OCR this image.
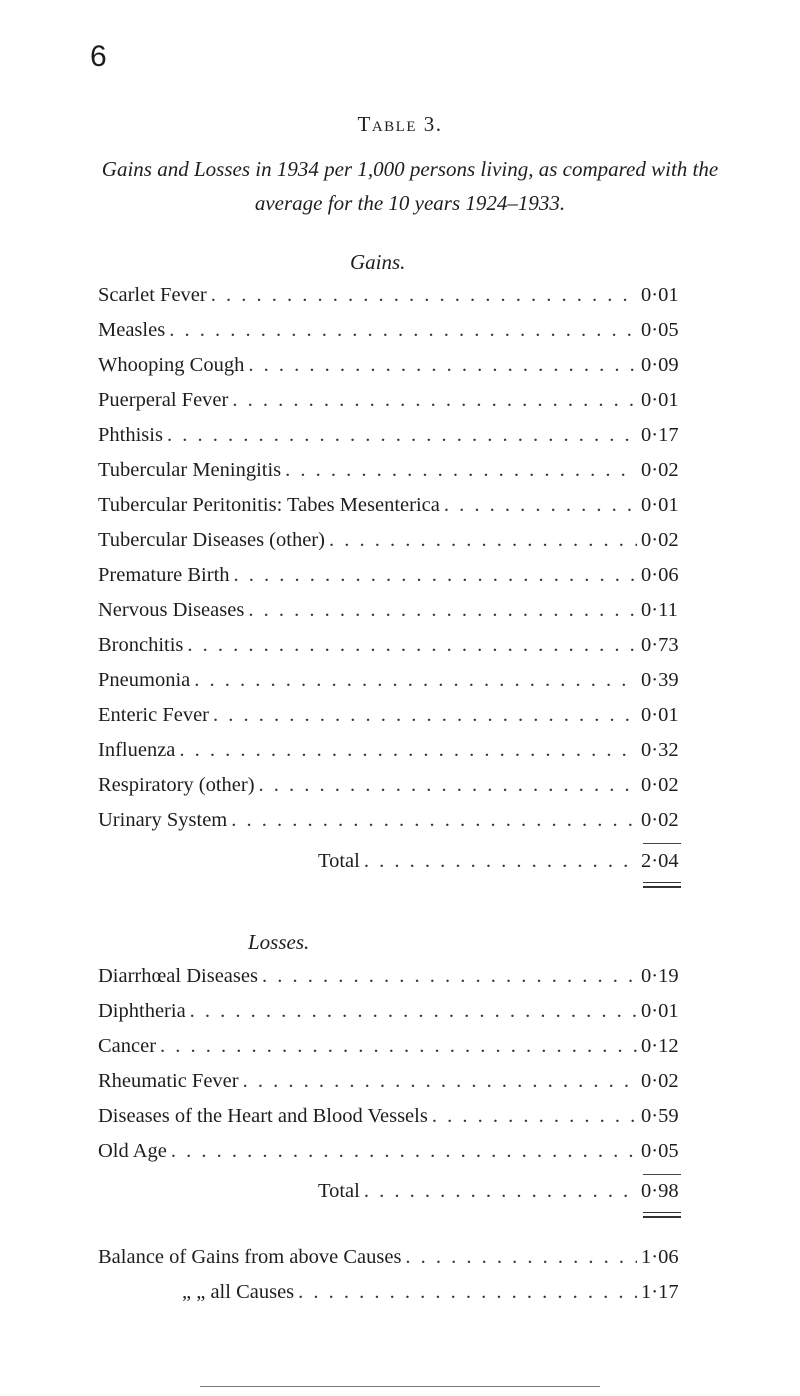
6
Table 3.
Gains and Losses in 1934 per 1,000 persons living, as compared with the
average for the 10 years 1924–1933.
Gains.
Scarlet Fever . . .	0·01
Measles . . .	0·05
Whooping Cough . . .	0·09
Puerperal Fever . . .	0·01
Phthisis . . .	0·17
Tubercular Meningitis . . .	0·02
Tubercular Peritonitis: Tabes Mesenterica . . .	0·01
Tubercular Diseases (other) . . .	0·02
Premature Birth . . .	0·06
Nervous Diseases . . .	0·11
Bronchitis . . .	0·73
Pneumonia . . .	0·39
Enteric Fever . . .	0·01
Influenza . . .	0·32
Respiratory (other) . . .	0·02
Urinary System . . .	0·02
Total . . .	2·04
Losses.
Diarrhœal Diseases . . .	0·19
Diphtheria . . .	0·01
Cancer . . .	0·12
Rheumatic Fever . . .	0·02
Diseases of the Heart and Blood Vessels . . .	0·59
Old Age . . .	0·05
Total . . .	0·98
Balance of Gains from above Causes . . .	1·06
„ „ all Causes . . .	1·17
